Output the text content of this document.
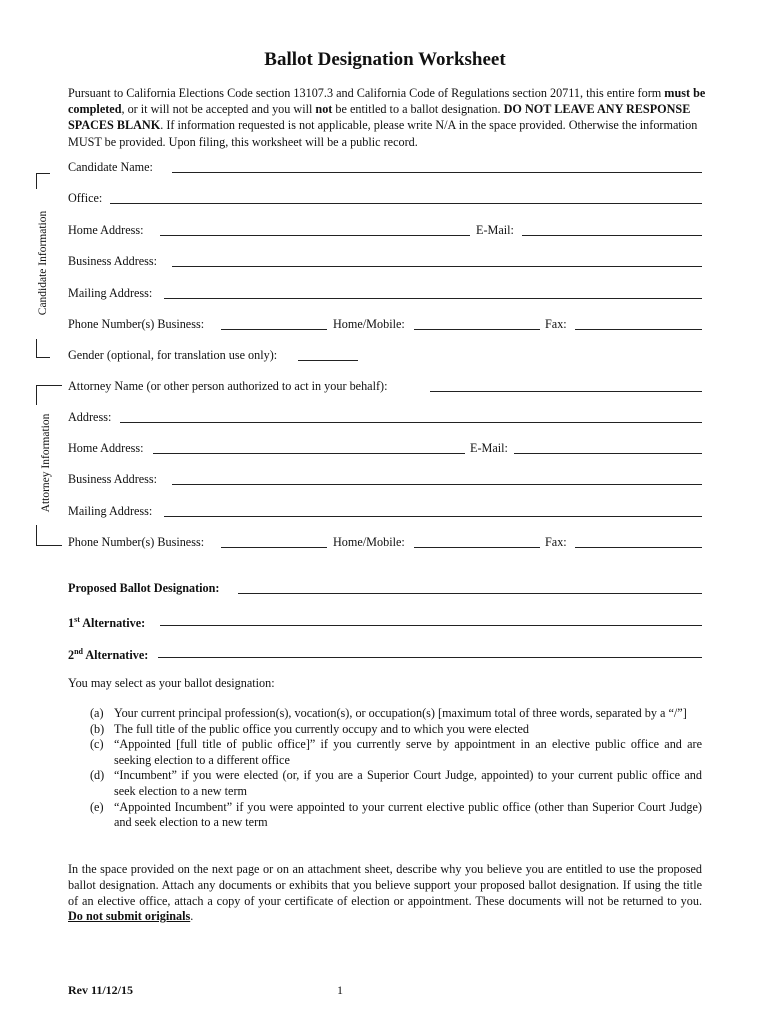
Ballot Designation Worksheet
Pursuant to California Elections Code section 13107.3 and California Code of Regulations section 20711, this entire form must be completed, or it will not be accepted and you will not be entitled to a ballot designation. DO NOT LEAVE ANY RESPONSE SPACES BLANK. If information requested is not applicable, please write N/A in the space provided. Otherwise the information MUST be provided. Upon filing, this worksheet will be a public record.
Candidate Information
Candidate Name:
Office:
Home Address:	E-Mail:
Business Address:
Mailing Address:
Phone Number(s) Business:	Home/Mobile:	Fax:
Gender (optional, for translation use only):
Attorney Information
Attorney Name (or other person authorized to act in your behalf):
Address:
Home Address:	E-Mail:
Business Address:
Mailing Address:
Phone Number(s) Business:	Home/Mobile:	Fax:
Proposed Ballot Designation:
1st Alternative:
2nd Alternative:
You may select as your ballot designation:
(a) Your current principal profession(s), vocation(s), or occupation(s) [maximum total of three words, separated by a “/”]
(b) The full title of the public office you currently occupy and to which you were elected
(c) “Appointed [full title of public office]” if you currently serve by appointment in an elective public office and are seeking election to a different office
(d) “Incumbent” if you were elected (or, if you are a Superior Court Judge, appointed) to your current public office and seek election to a new term
(e) “Appointed Incumbent” if you were appointed to your current elective public office (other than Superior Court Judge) and seek election to a new term
In the space provided on the next page or on an attachment sheet, describe why you believe you are entitled to use the proposed ballot designation. Attach any documents or exhibits that you believe support your proposed ballot designation. If using the title of an elective office, attach a copy of your certificate of election or appointment. These documents will not be returned to you. Do not submit originals.
Rev 11/12/15	1
